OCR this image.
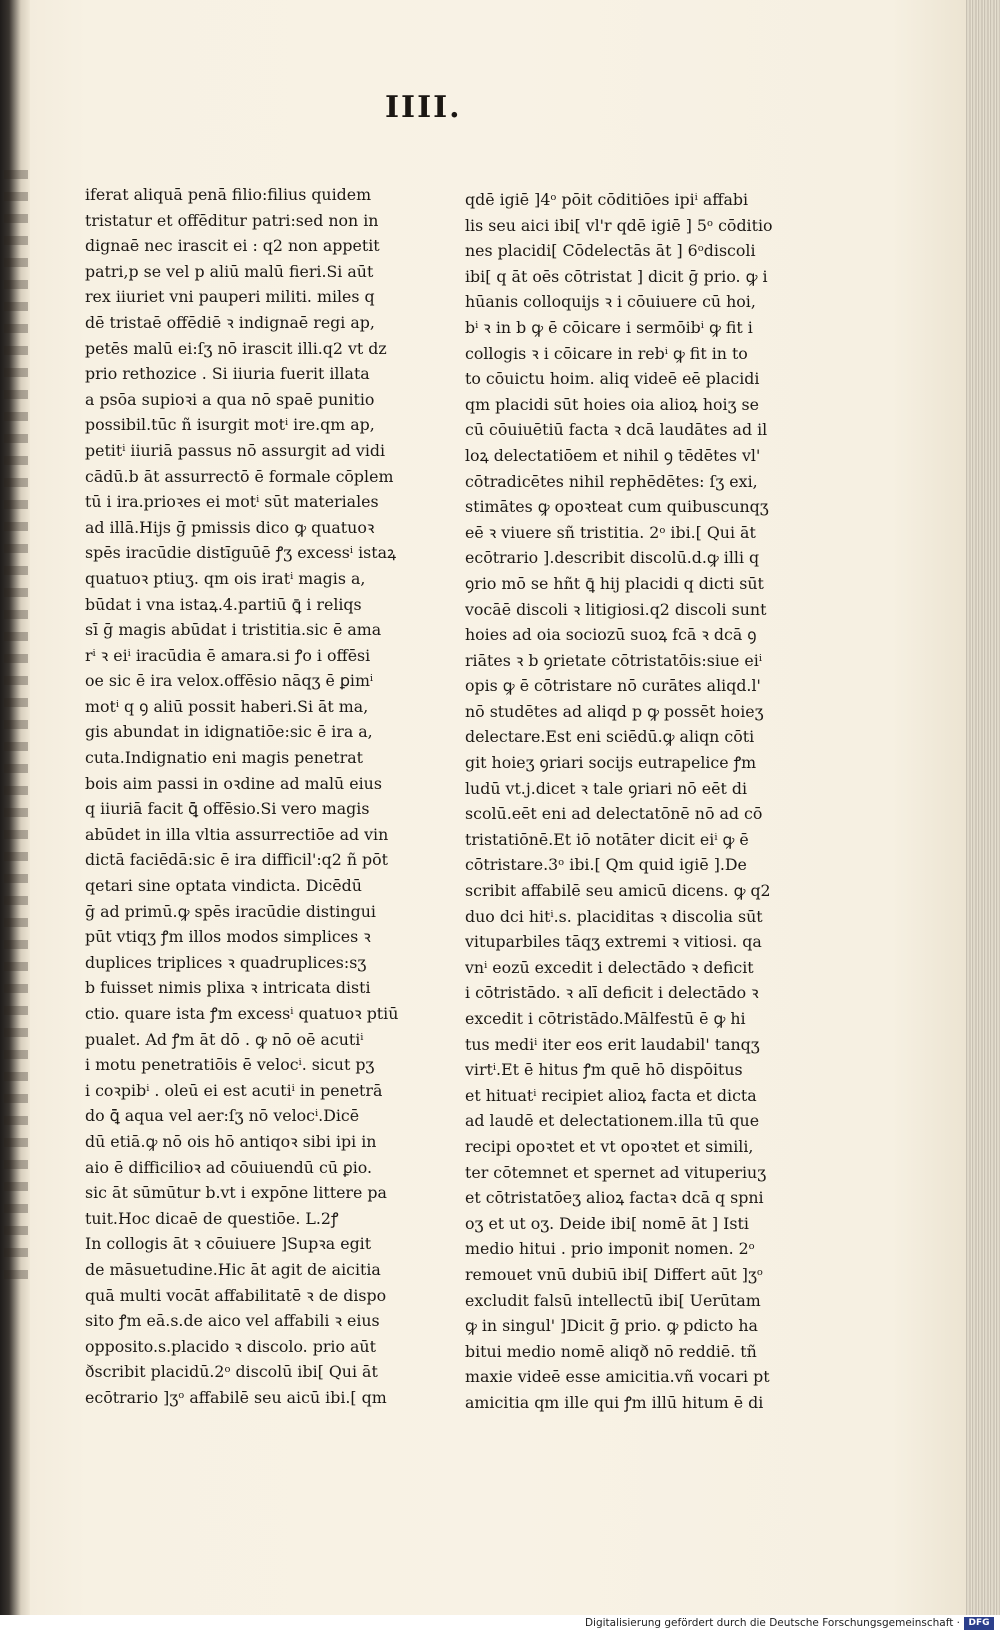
IIII.
iferat aliquā penā filio:filius quidem
tristatur et offēditur patri:sed non in
dignaē nec irascit ei : q2 non appetit
patri,p se vel p aliū malū fieri.Si aūt
rex iiuriet vni pauperi militi. miles q
dē tristaē offēdiē ꝛ indignaē regi ap,
petēs malū ei:ſʒ nō irascit illi.q2 vt dz
prio rethozice . Si iiuria fuerit illata
a psōa supioꝛi a qua nō spaē punitio
possibil.tūc ñ isurgit motⁱ ire.qm ap,
petitⁱ iiuriā passus nō assurgit ad vidi
cādū.b āt assurrectō ē formale cōplem
tū i ira.prioꝛes ei motⁱ sūt materiales
ad illā.Hijs ḡ pmissis dico ꝙ quatuoꝛ
spēs iracūdie distīguūē ꝭʒ excessⁱ istaꝝ
quatuoꝛ ptiuʒ. qm ois iratⁱ magis a,
būdat i vna istaꝝ.4.partiū ꝗ̄ i reliqs
sī ḡ magis abūdat i tristitia.sic ē ama
rⁱ ꝛ eiⁱ iracūdia ē amara.si ꝭo i offēsi
oe sic ē ira velox.offēsio nāqʒ ē ꝑimⁱ
motⁱ q ꝯ aliū possit haberi.Si āt ma,
gis abundat in idignatiōe:sic ē ira a,
cuta.Indignatio eni magis penetrat
bois aim passi in oꝛdine ad malū eius
q iiuriā facit ꝗ̄ offēsio.Si vero magis
abūdet in illa vltia assurrectiōe ad vin
dictā faciēdā:sic ē ira difficil':q2 ñ pōt
qetari sine optata vindicta. Dicēdū
ḡ ad primū.ꝙ spēs iracūdie distingui
pūt vtiqʒ ꝭm illos modos simplices ꝛ
duplices triplices ꝛ quadruplices:sʒ
b fuisset nimis plixa ꝛ intricata disti
ctio. quare ista ꝭm excessⁱ quatuoꝛ ptiū
pualet. Ad ꝭm āt dō . ꝙ nō oē acutiⁱ
i motu penetratiōis ē velocⁱ. sicut pʒ
i coꝛpibⁱ . oleū ei est acutiⁱ in penetrā
do ꝗ̄ aqua vel aer:ſʒ nō velocⁱ.Dicē
dū etiā.ꝙ nō ois hō antiqoꝛ sibi ipi in
aio ē difficilioꝛ ad cōuiuendū cū ꝑio.
sic āt sūmūtur b.vt i expōne littere pa
tuit.Hoc dicaē de questiōe. L.2ꝭ
In collogis āt ꝛ cōuiuere ]Supꝛa egit
de māsuetudine.Hic āt agit de aicitia
quā multi vocāt affabilitatē ꝛ de dispo
sito ꝭm eā.s.de aico vel affabili ꝛ eius
opposito.s.placido ꝛ discolo. prio aūt
ðscribit placidū.2ᵒ discolū ibi[ Qui āt
ecōtrario ]ʒᵒ affabilē seu aicū ibi.[ qm
qdē igiē ]4ᵒ pōit cōditiōes ipiⁱ affabi
lis seu aici ibi[ vl'r qdē igiē ] 5ᵒ cōditio
nes placidi[ Cōdelectās āt ] 6ᵒdiscoli
ibi[ q āt oēs cōtristat ] dicit ḡ prio. ꝙ i
hūanis colloquijs ꝛ i cōuiuere cū hoi,
bⁱ ꝛ in b ꝙ ē cōicare i sermōibⁱ ꝙ fit i
collogis ꝛ i cōicare in rebⁱ ꝙ fit in to
to cōuictu hoim. aliq videē eē placidi
qm placidi sūt hoies oia alioꝝ hoiʒ se
cū cōuiuētiū facta ꝛ dcā laudātes ad il
loꝝ delectatiōem et nihil ꝯ tēdētes vl'
cōtradicētes nihil rephēdētes: ſʒ exi,
stimātes ꝙ opoꝛteat cum quibuscunqʒ
eē ꝛ viuere sñ tristitia. 2ᵒ ibi.[ Qui āt
ecōtrario ].describit discolū.d.ꝙ illi q
ꝯrio mō se hñt ꝗ̄ hij placidi q dicti sūt
vocāē discoli ꝛ litigiosi.q2 discoli sunt
hoies ad oia sociozū suoꝝ fcā ꝛ dcā ꝯ
riātes ꝛ b ꝯrietate cōtristatōis:siue eiⁱ
opis ꝙ ē cōtristare nō curātes aliqd.l'
nō studētes ad aliqd p ꝙ possēt hoieʒ
delectare.Est eni sciēdū.ꝙ aliqn cōti
git hoieʒ ꝯriari socijs eutrapelice ꝭm
ludū vt.j.dicet ꝛ tale ꝯriari nō eēt di
scolū.eēt eni ad delectatōnē nō ad cō
tristatiōnē.Et iō notāter dicit eiⁱ ꝙ ē
cōtristare.3ᵒ ibi.[ Qm quid igiē ].De
scribit affabilē seu amicū dicens. ꝙ q2
duo dci hitⁱ.s. placiditas ꝛ discolia sūt
vituparbiles tāqʒ extremi ꝛ vitiosi. qa
vnⁱ eozū excedit i delectādo ꝛ deficit
i cōtristādo. ꝛ alī deficit i delectādo ꝛ
excedit i cōtristādo.Mālfestū ē ꝙ hi
tus mediⁱ iter eos erit laudabil' tanqʒ
virtⁱ.Et ē hitus ꝭm quē hō dispōitus
et hituatⁱ recipiet alioꝝ facta et dicta
ad laudē et delectationem.illa tū que
recipi opoꝛtet et vt opoꝛtet et simili,
ter cōtemnet et spernet ad vituperiuʒ
et cōtristatōeʒ alioꝝ factaꝛ dcā q spni
oʒ et ut oʒ. Deide ibi[ nomē āt ] Isti
medio hitui . prio imponit nomen. 2ᵒ
remouet vnū dubiū ibi[ Differt aūt ]ʒᵒ
excludit falsū intellectū ibi[ Uerūtam
ꝙ in singul' ]Dicit ḡ prio. ꝙ pdicto ha
bitui medio nomē aliqð nō reddiē. tñ
maxie videē esse amicitia.vñ vocari pt
amicitia qm ille qui ꝭm illū hitum ē di
Digitalisierung gefördert durch die Deutsche Forschungsgemeinschaft · DFG
